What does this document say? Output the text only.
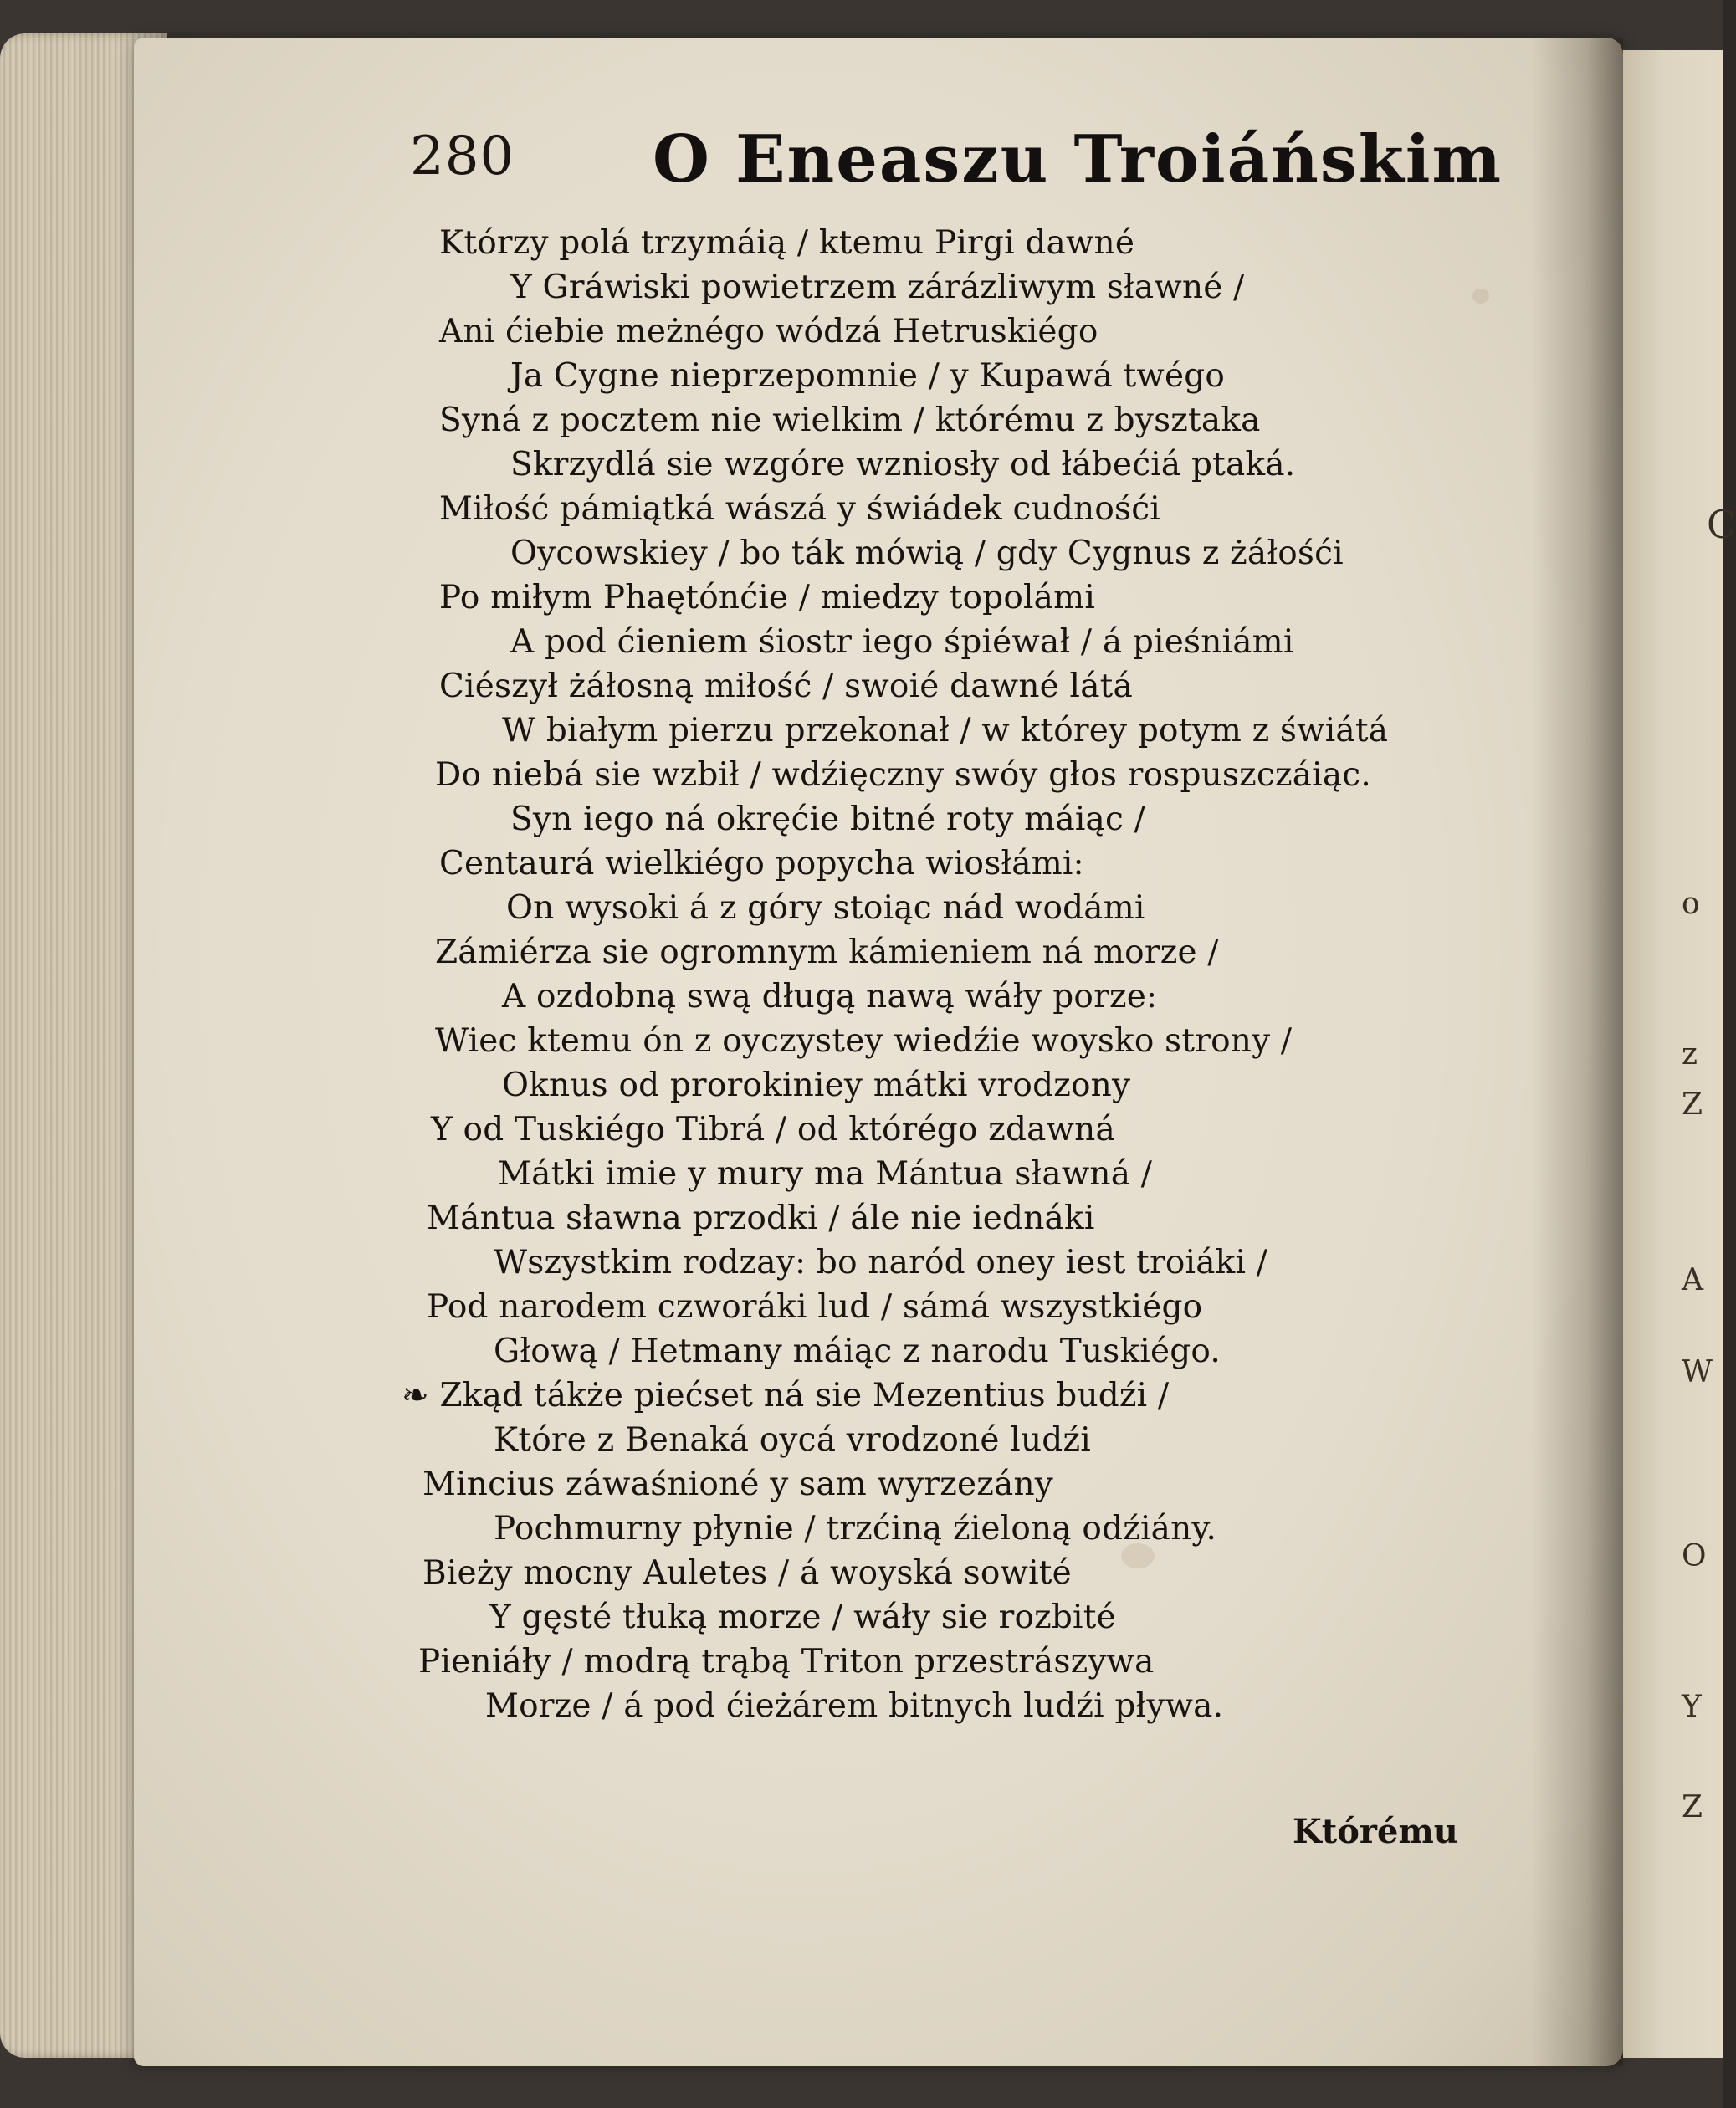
C
o
z
Z
A
W
O
Y
Z
280 O Eneaszu Troiáńskim
Którzy polá trzymáią / ktemu Pirgi dawné
Y Gráwiski powietrzem zárázliwym sławné /
Ani ćiebie meżnégo wódzá Hetruskiégo
Ja Cygne nieprzepomnie / y Kupawá twégo
Syná z pocztem nie wielkim / którému z bysztaka
Skrzydlá sie wzgóre wzniosły od łábećiá ptaká.
Miłość pámiątká wászá y świádek cudnośći
Oycowskiey / bo ták mówią / gdy Cygnus z żáłośći
Po miłym Phaętónćie / miedzy topolámi
A pod ćieniem śiostr iego śpiéwał / á pieśniámi
Ciészył żáłosną miłość / swoié dawné látá
W białym pierzu przekonał / w którey potym z świátá
Do niebá sie wzbił / wdźięczny swóy głos rospuszczáiąc.
Syn iego ná okręćie bitné roty máiąc /
Centaurá wielkiégo popycha wiosłámi:
On wysoki á z góry stoiąc nád wodámi
Zámiérza sie ogromnym kámieniem ná morze /
A ozdobną swą długą nawą wáły porze:
Wiec ktemu ón z oyczystey wiedźie woysko strony /
Oknus od prorokiniey mátki vrodzony
Y od Tuskiégo Tibrá / od którégo zdawná
Mátki imie y mury ma Mántua sławná /
Mántua sławna przodki / ále nie iednáki
Wszystkim rodzay: bo naród oney iest troiáki /
Pod narodem czworáki lud / sámá wszystkiégo
Głową / Hetmany máiąc z narodu Tuskiégo.
❧ Zkąd tákże piećset ná sie Mezentius budźi /
Które z Benaká oycá vrodzoné ludźi
Mincius záwaśnioné y sam wyrzezány
Pochmurny płynie / trzćiną źieloną odźiány.
Bieży mocny Auletes / á woyská sowité
Y gęsté tłuką morze / wáły sie rozbité
Pieniáły / modrą trąbą Triton przestrászywa
Morze / á pod ćieżárem bitnych ludźi pływa.
Którému
